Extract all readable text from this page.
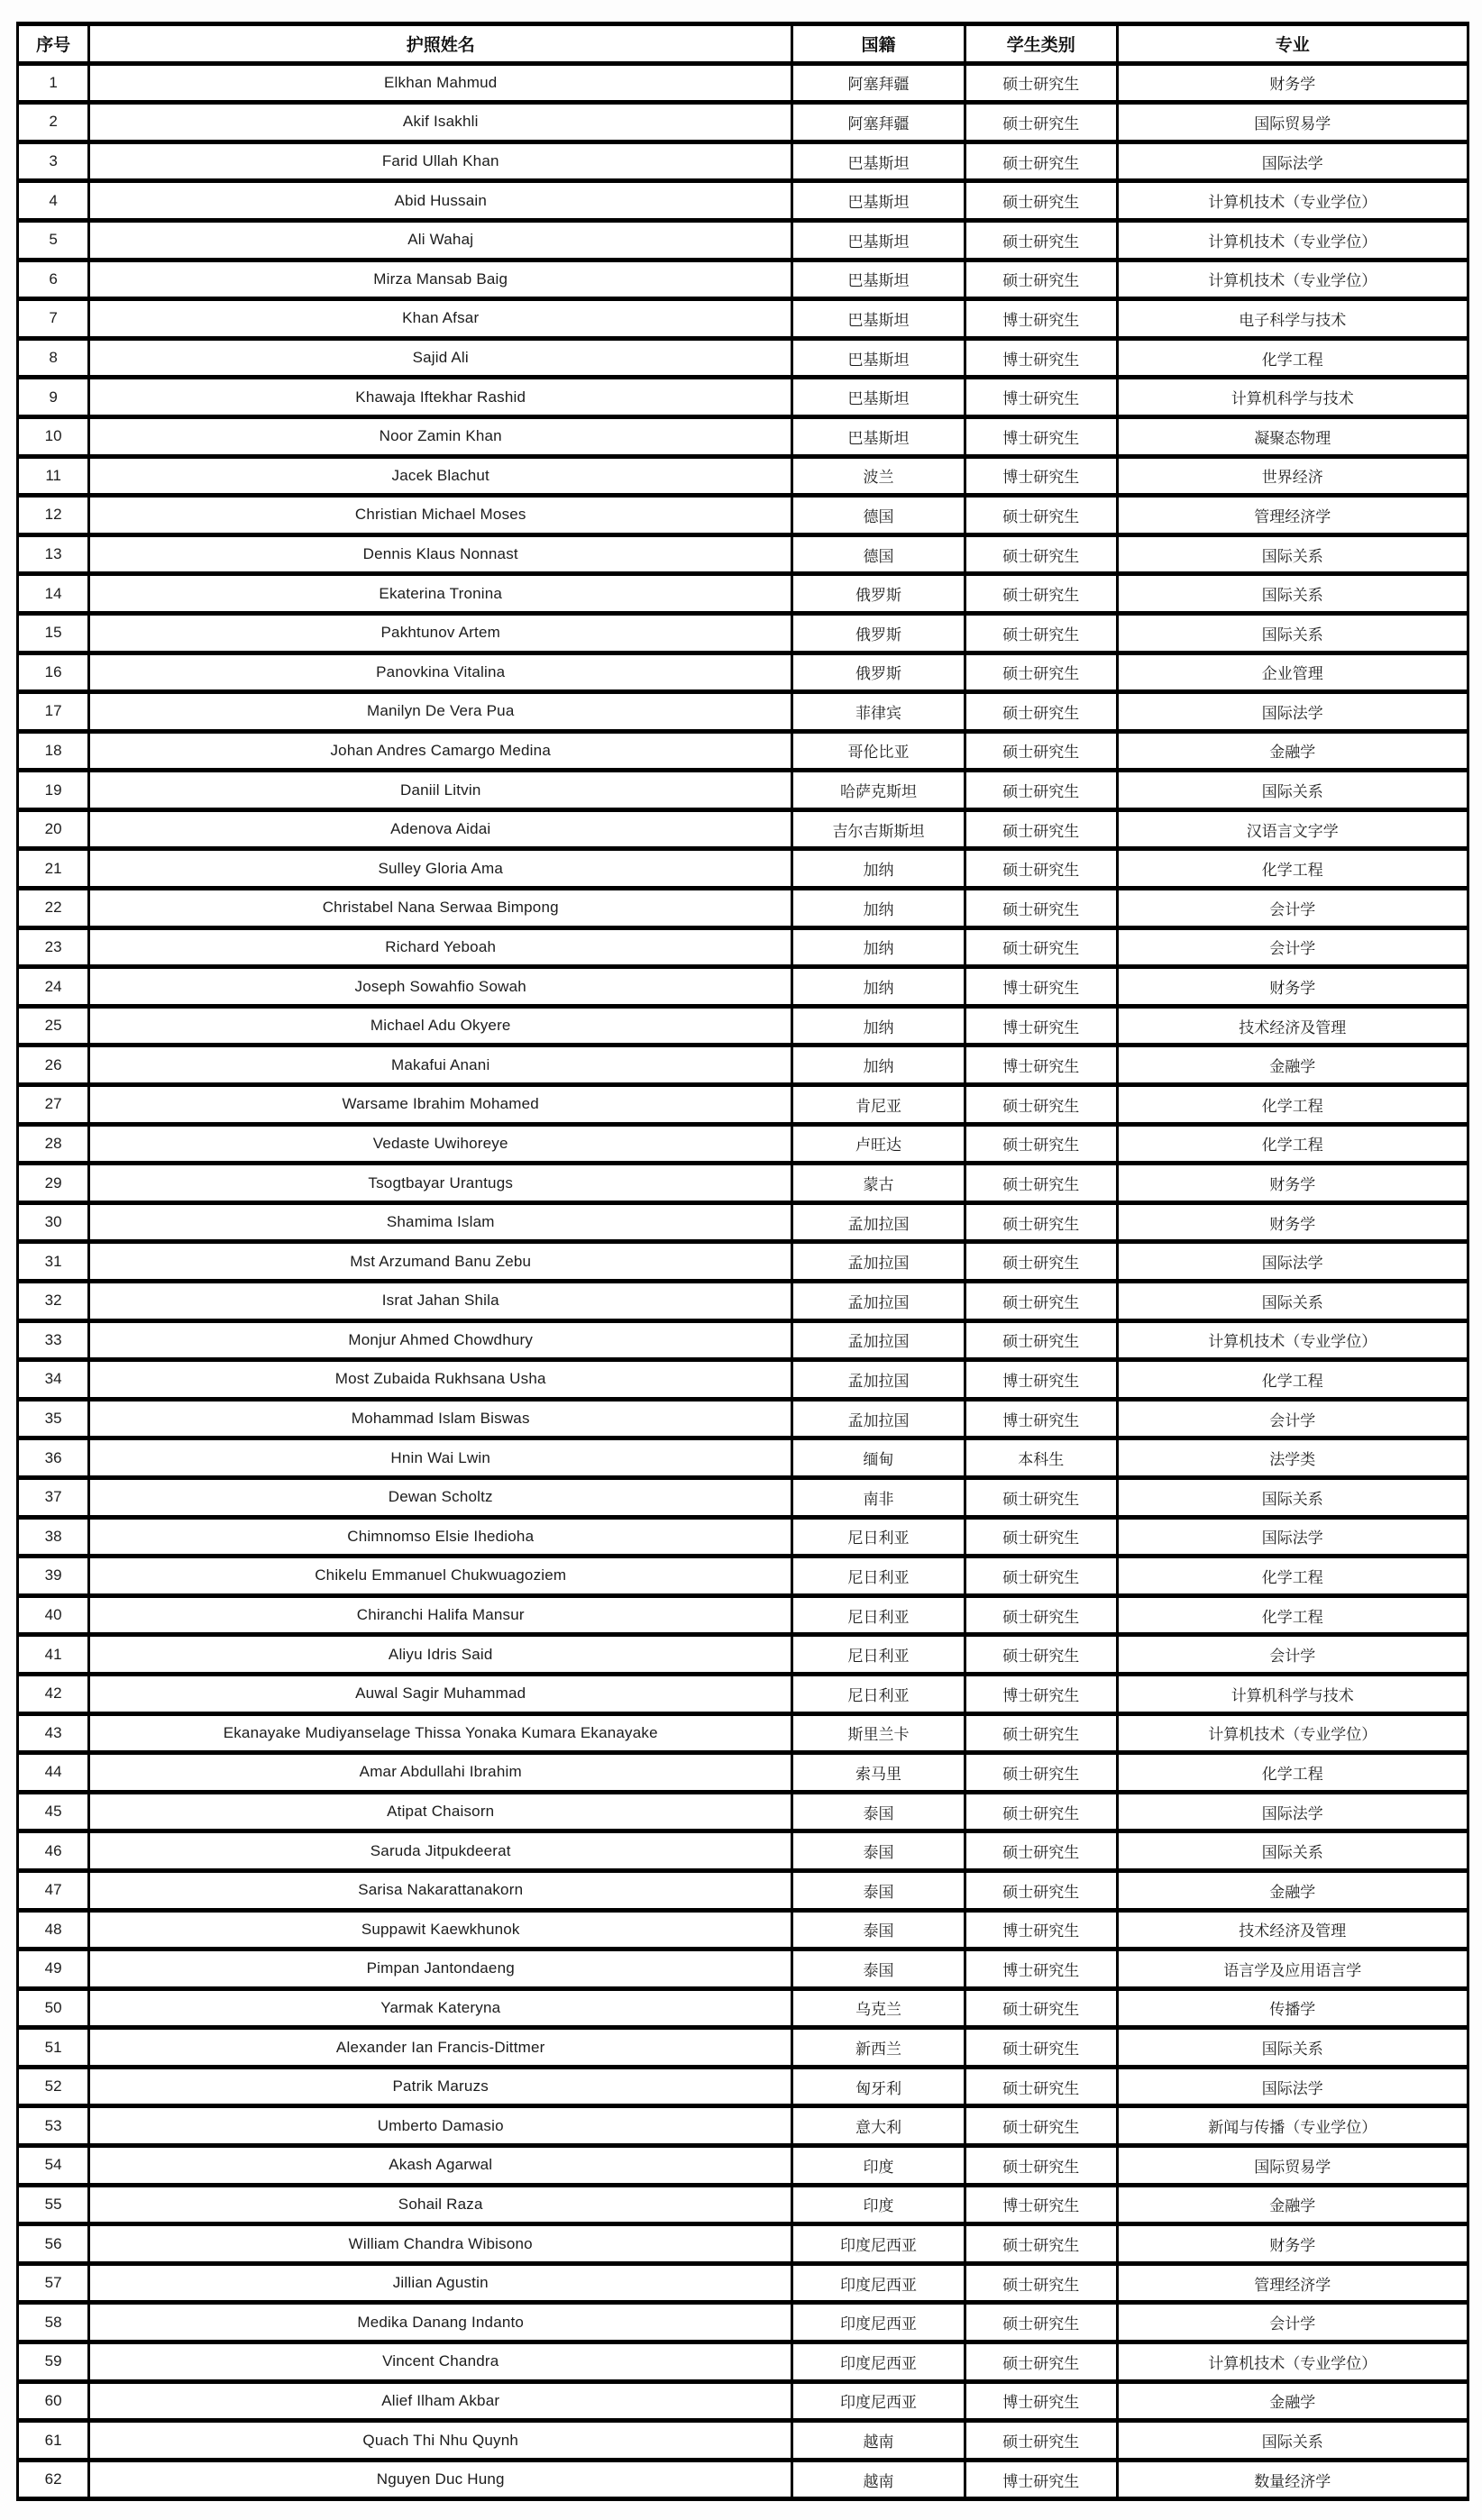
序号	护照姓名	国籍	学生类别	专业
1	Elkhan Mahmud	阿塞拜疆	硕士研究生	财务学
2	Akif Isakhli	阿塞拜疆	硕士研究生	国际贸易学
3	Farid Ullah Khan	巴基斯坦	硕士研究生	国际法学
4	Abid Hussain	巴基斯坦	硕士研究生	计算机技术（专业学位）
5	Ali Wahaj	巴基斯坦	硕士研究生	计算机技术（专业学位）
6	Mirza Mansab Baig	巴基斯坦	硕士研究生	计算机技术（专业学位）
7	Khan Afsar	巴基斯坦	博士研究生	电子科学与技术
8	Sajid Ali	巴基斯坦	博士研究生	化学工程
9	Khawaja Iftekhar Rashid	巴基斯坦	博士研究生	计算机科学与技术
10	Noor Zamin Khan	巴基斯坦	博士研究生	凝聚态物理
11	Jacek Blachut	波兰	博士研究生	世界经济
12	Christian Michael Moses	德国	硕士研究生	管理经济学
13	Dennis Klaus Nonnast	德国	硕士研究生	国际关系
14	Ekaterina Tronina	俄罗斯	硕士研究生	国际关系
15	Pakhtunov Artem	俄罗斯	硕士研究生	国际关系
16	Panovkina Vitalina	俄罗斯	硕士研究生	企业管理
17	Manilyn De Vera Pua	菲律宾	硕士研究生	国际法学
18	Johan Andres Camargo Medina	哥伦比亚	硕士研究生	金融学
19	Daniil Litvin	哈萨克斯坦	硕士研究生	国际关系
20	Adenova Aidai	吉尔吉斯斯坦	硕士研究生	汉语言文字学
21	Sulley Gloria Ama	加纳	硕士研究生	化学工程
22	Christabel Nana Serwaa Bimpong	加纳	硕士研究生	会计学
23	Richard Yeboah	加纳	硕士研究生	会计学
24	Joseph Sowahfio Sowah	加纳	博士研究生	财务学
25	Michael Adu Okyere	加纳	博士研究生	技术经济及管理
26	Makafui Anani	加纳	博士研究生	金融学
27	Warsame Ibrahim Mohamed	肯尼亚	硕士研究生	化学工程
28	Vedaste Uwihoreye	卢旺达	硕士研究生	化学工程
29	Tsogtbayar Urantugs	蒙古	硕士研究生	财务学
30	Shamima Islam	孟加拉国	硕士研究生	财务学
31	Mst Arzumand Banu Zebu	孟加拉国	硕士研究生	国际法学
32	Israt Jahan Shila	孟加拉国	硕士研究生	国际关系
33	Monjur Ahmed Chowdhury	孟加拉国	硕士研究生	计算机技术（专业学位）
34	Most Zubaida Rukhsana Usha	孟加拉国	博士研究生	化学工程
35	Mohammad Islam Biswas	孟加拉国	博士研究生	会计学
36	Hnin Wai Lwin	缅甸	本科生	法学类
37	Dewan Scholtz	南非	硕士研究生	国际关系
38	Chimnomso Elsie Ihedioha	尼日利亚	硕士研究生	国际法学
39	Chikelu Emmanuel Chukwuagoziem	尼日利亚	硕士研究生	化学工程
40	Chiranchi Halifa Mansur	尼日利亚	硕士研究生	化学工程
41	Aliyu Idris Said	尼日利亚	硕士研究生	会计学
42	Auwal Sagir Muhammad	尼日利亚	博士研究生	计算机科学与技术
43	Ekanayake Mudiyanselage Thissa Yonaka Kumara Ekanayake	斯里兰卡	硕士研究生	计算机技术（专业学位）
44	Amar Abdullahi Ibrahim	索马里	硕士研究生	化学工程
45	Atipat Chaisorn	泰国	硕士研究生	国际法学
46	Saruda Jitpukdeerat	泰国	硕士研究生	国际关系
47	Sarisa Nakarattanakorn	泰国	硕士研究生	金融学
48	Suppawit Kaewkhunok	泰国	博士研究生	技术经济及管理
49	Pimpan Jantondaeng	泰国	博士研究生	语言学及应用语言学
50	Yarmak Kateryna	乌克兰	硕士研究生	传播学
51	Alexander Ian Francis-Dittmer	新西兰	硕士研究生	国际关系
52	Patrik Maruzs	匈牙利	硕士研究生	国际法学
53	Umberto Damasio	意大利	硕士研究生	新闻与传播（专业学位）
54	Akash Agarwal	印度	硕士研究生	国际贸易学
55	Sohail Raza	印度	博士研究生	金融学
56	William Chandra Wibisono	印度尼西亚	硕士研究生	财务学
57	Jillian Agustin	印度尼西亚	硕士研究生	管理经济学
58	Medika Danang Indanto	印度尼西亚	硕士研究生	会计学
59	Vincent Chandra	印度尼西亚	硕士研究生	计算机技术（专业学位）
60	Alief Ilham Akbar	印度尼西亚	博士研究生	金融学
61	Quach Thi Nhu Quynh	越南	硕士研究生	国际关系
62	Nguyen Duc Hung	越南	博士研究生	数量经济学
